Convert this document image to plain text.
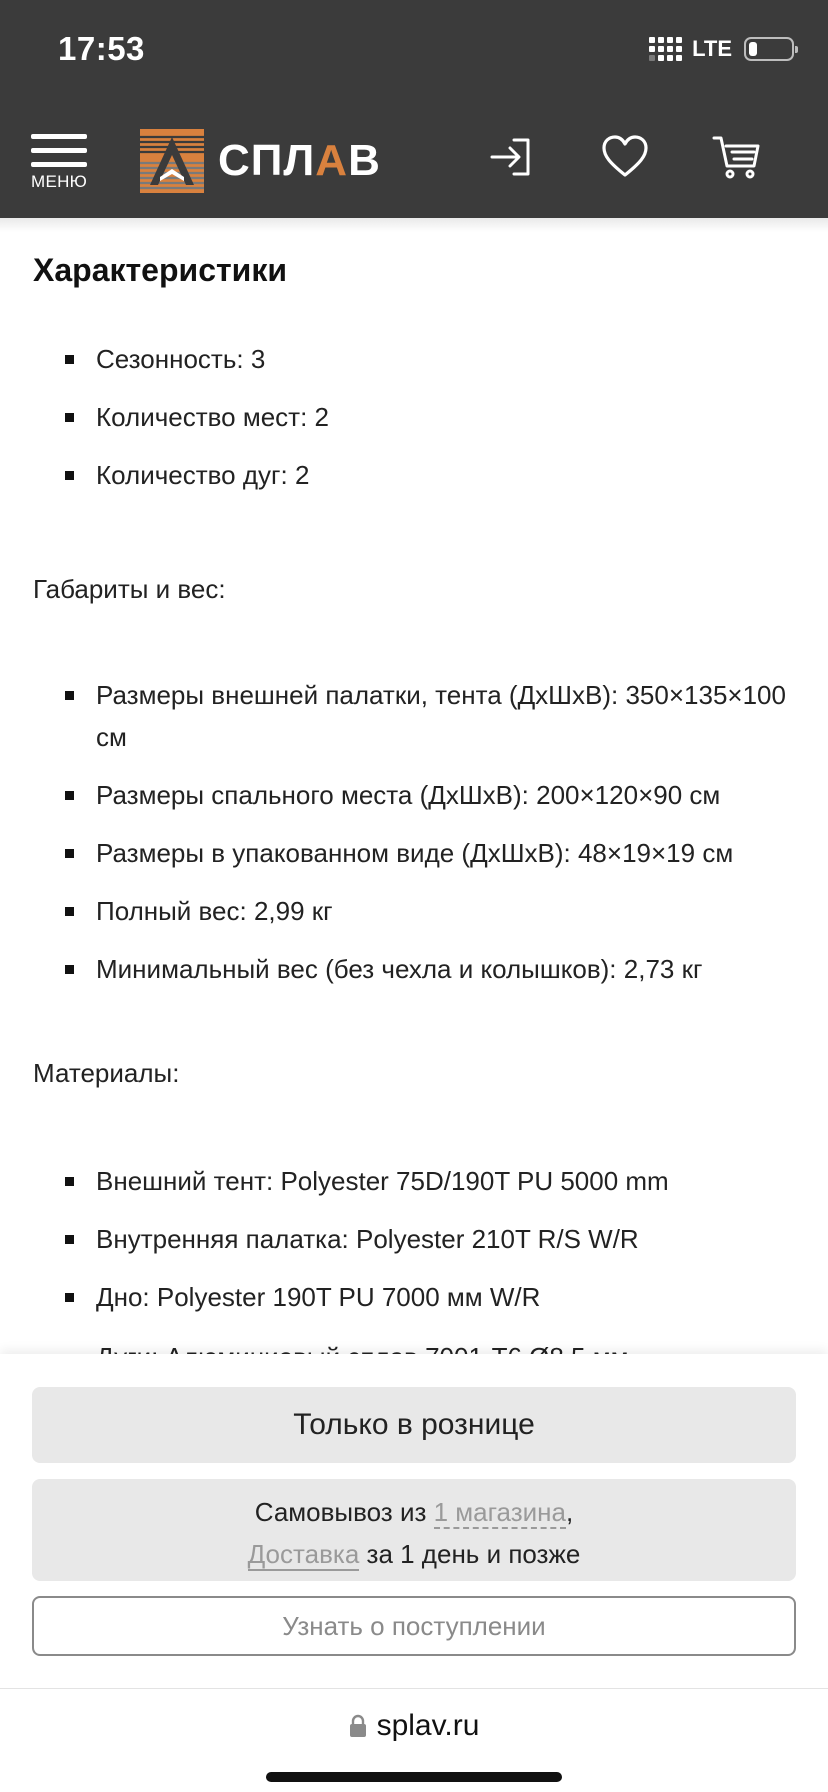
17:53	LTE
МЕНЮ	СПЛАВ
Характеристики
Сезонность: 3
Количество мест: 2
Количество дуг: 2
Габариты и вес:
Размеры внешней палатки, тента (ДхШхВ): 350×135×100 см
Размеры спального места (ДхШхВ): 200×120×90 см
Размеры в упакованном виде (ДхШхВ): 48×19×19 см
Полный вес: 2,99 кг
Минимальный вес (без чехла и колышков): 2,73 кг
Материалы:
Внешний тент: Polyester 75D/190T PU 5000 mm
Внутренняя палатка: Polyester 210T R/S W/R
Дно: Polyester 190T PU 7000 мм W/R
Только в рознице
Самовывоз из 1 магазина,
Доставка за 1 день и позже
Узнать о поступлении
splav.ru
